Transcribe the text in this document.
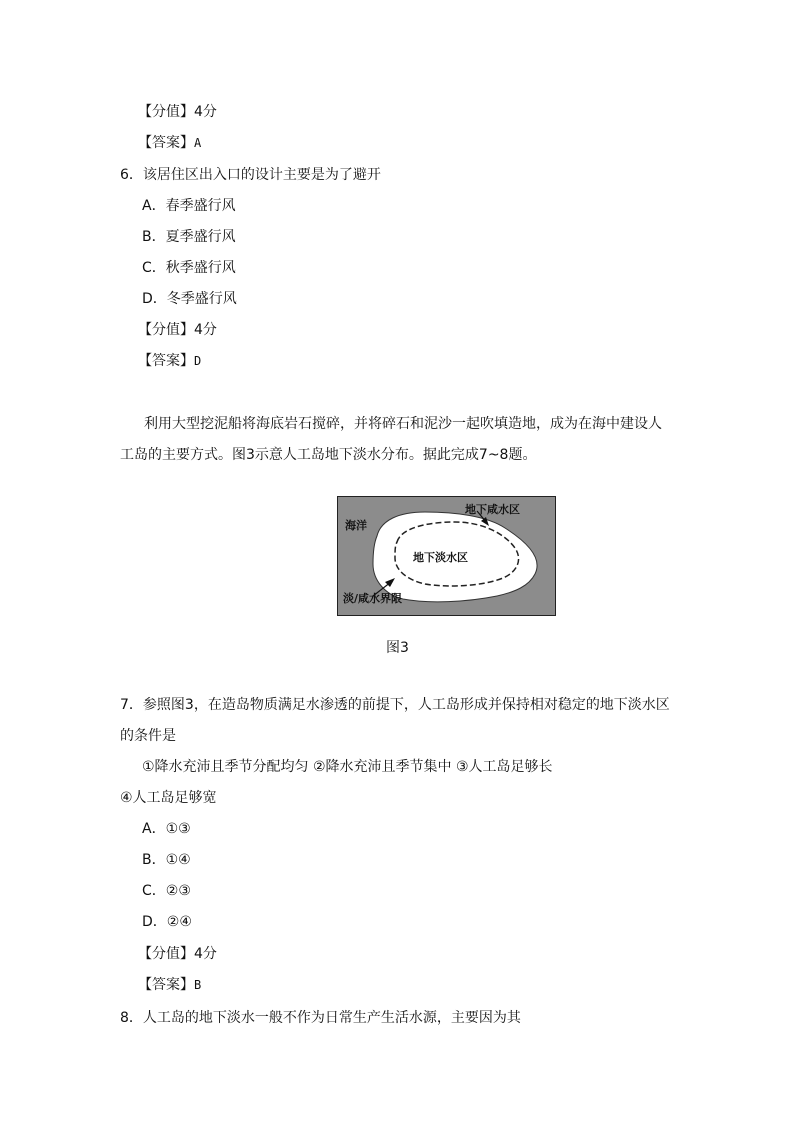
【分值】4分
【答案】A
6．该居住区出入口的设计主要是为了避开
A．春季盛行风
B．夏季盛行风
C．秋季盛行风
D．冬季盛行风
【分值】4分
【答案】D
利用大型挖泥船将海底岩石搅碎，并将碎石和泥沙一起吹填造地，成为在海中建设人
工岛的主要方式。图3示意人工岛地下淡水分布。据此完成7~8题。
海洋
地下咸水区
地下淡水区
淡/咸水界限
图3
7．参照图3，在造岛物质满足水渗透的前提下，人工岛形成并保持相对稳定的地下淡水区
的条件是
①降水充沛且季节分配均匀 ②降水充沛且季节集中 ③人工岛足够长
④人工岛足够宽
A．①③
B．①④
C．②③
D．②④
【分值】4分
【答案】B
8．人工岛的地下淡水一般不作为日常生产生活水源，主要因为其
